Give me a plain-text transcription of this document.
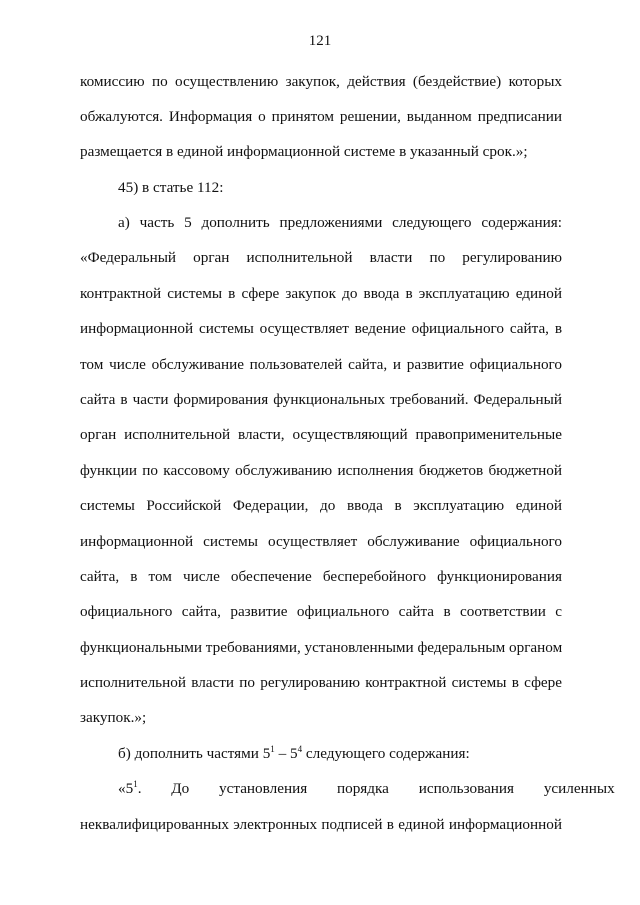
121
комиссию по осуществлению закупок, действия (бездействие) которых
обжалуются. Информация о принятом решении, выданном предписании
размещается в единой информационной системе в указанный срок.»;
45) в статье 112:
а) часть 5 дополнить предложениями следующего содержания:
«Федеральный орган исполнительной власти по регулированию
контрактной системы в сфере закупок до ввода в эксплуатацию единой
информационной системы осуществляет ведение официального сайта, в
том числе обслуживание пользователей сайта, и развитие официального
сайта в части формирования функциональных требований. Федеральный
орган исполнительной власти, осуществляющий правоприменительные
функции по кассовому обслуживанию исполнения бюджетов бюджетной
системы Российской Федерации, до ввода в эксплуатацию единой
информационной системы осуществляет обслуживание официального
сайта, в том числе обеспечение бесперебойного функционирования
официального сайта, развитие официального сайта в соответствии с
функциональными требованиями, установленными федеральным органом
исполнительной власти по регулированию контрактной системы в сфере
закупок.»;
б) дополнить частями $5^1 - 5^4$ следующего содержания:
«$5^1$. До установления порядка использования усиленных
неквалифицированных электронных подписей в единой информационной
